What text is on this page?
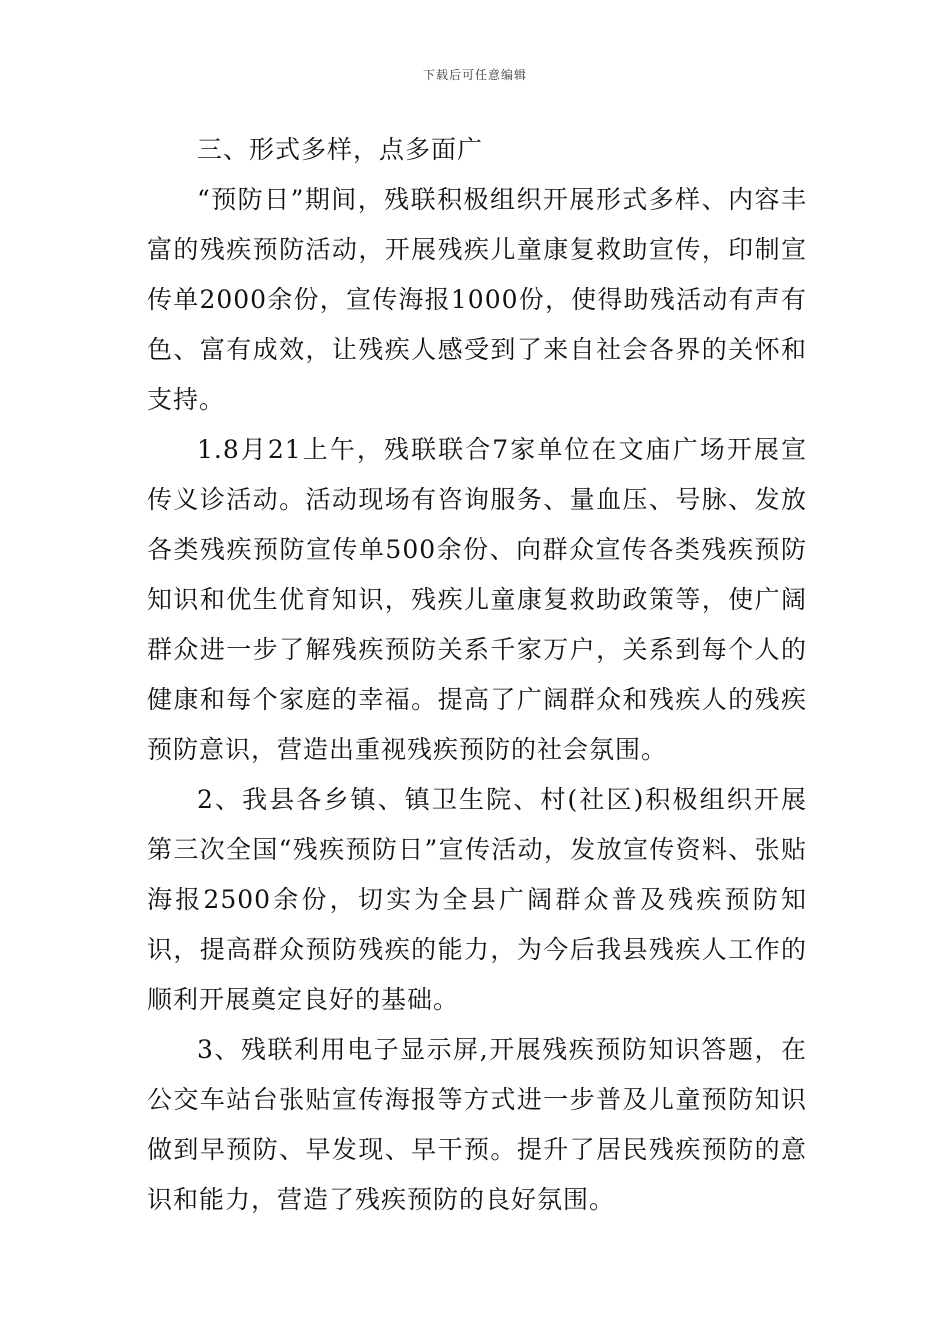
下载后可任意编辑

三、形式多样，点多面广

“预防日”期间，残联积极组织开展形式多样、内容丰富的残疾预防活动，开展残疾儿童康复救助宣传，印制宣传单2000余份，宣传海报1000份，使得助残活动有声有色、富有成效，让残疾人感受到了来自社会各界的关怀和支持。

1.8月21上午，残联联合7家单位在文庙广场开展宣传义诊活动。活动现场有咨询服务、量血压、号脉、发放各类残疾预防宣传单500余份、向群众宣传各类残疾预防知识和优生优育知识，残疾儿童康复救助政策等，使广阔群众进一步了解残疾预防关系千家万户，关系到每个人的健康和每个家庭的幸福。提高了广阔群众和残疾人的残疾预防意识，营造出重视残疾预防的社会氛围。

2、我县各乡镇、镇卫生院、村(社区)积极组织开展第三次全国“残疾预防日”宣传活动，发放宣传资料、张贴海报2500余份，切实为全县广阔群众普及残疾预防知识，提高群众预防残疾的能力，为今后我县残疾人工作的顺利开展奠定良好的基础。

3、残联利用电子显示屏,开展残疾预防知识答题，在公交车站台张贴宣传海报等方式进一步普及儿童预防知识做到早预防、早发现、早干预。提升了居民残疾预防的意识和能力，营造了残疾预防的良好氛围。
